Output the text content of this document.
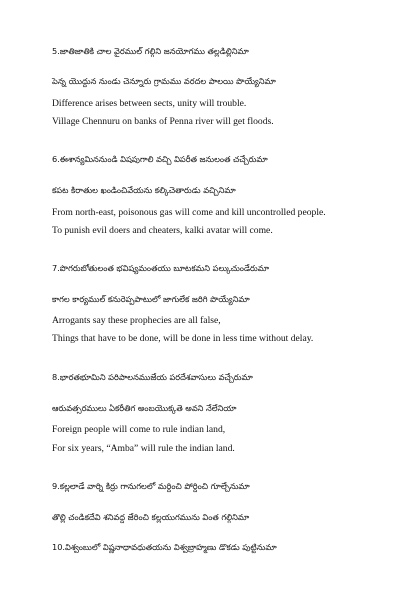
5.జాతిజాతికి చాల వైరముల్ గల్గిని జనయోగము తల్లడిల్లినిమా

పెన్న యొద్దున నుండు చెన్నూరు గ్రామము వరదల పాలయి పొయ్యేనిమా

Difference arises between sects, unity will trouble.

Village Chennuru on banks of Penna river will get floods.

6.ఈశాన్యమిననుండి విషపుగాలి వచ్చి విపరీత జనులంత చచ్చేరుమా

కపట కిరాతుల ఖండించివేయను కల్కిచెతారుడు వచ్చినిమా

From north-east, poisonous gas will come and kill uncontrolled people.

To punish evil doers and cheaters, kalki avatar will come.

7.పొగరుబోతులంత భవిష్యమంతయు బూటకమని పల్కుచుండేరుమా

కాగల కార్యముల్ కనురెప్పపాటులో జాగులేక జరిగి పొయ్యేనిమా

Arrogants say these prophecies are all false,

Things that have to be done, will be done in less time without delay.

8.భారతభూమిని పరిపాలనముజేయ పరదేశవాసులు వచ్చేరుమా

ఆరువత్సరములు ఏకరీతిగ అంబయొక్కతె అవని నేలేనియా

Foreign people will come to rule indian land,

For six years, “Amba” will rule the indian land.

9.కల్లలాడే వార్ని కిర్రు గానుగలలో మర్దించి పోర్దించి గూల్చేనుమా

తొల్లి చండికదేవి శనివద్ద జేరించి కల్లయుగమును వింత గల్గినిమా

10.విశ్వంబులో విష్ణనాధావధుతయను విశ్వబ్రాహ్మణు డొకడు పుట్టినుమా
